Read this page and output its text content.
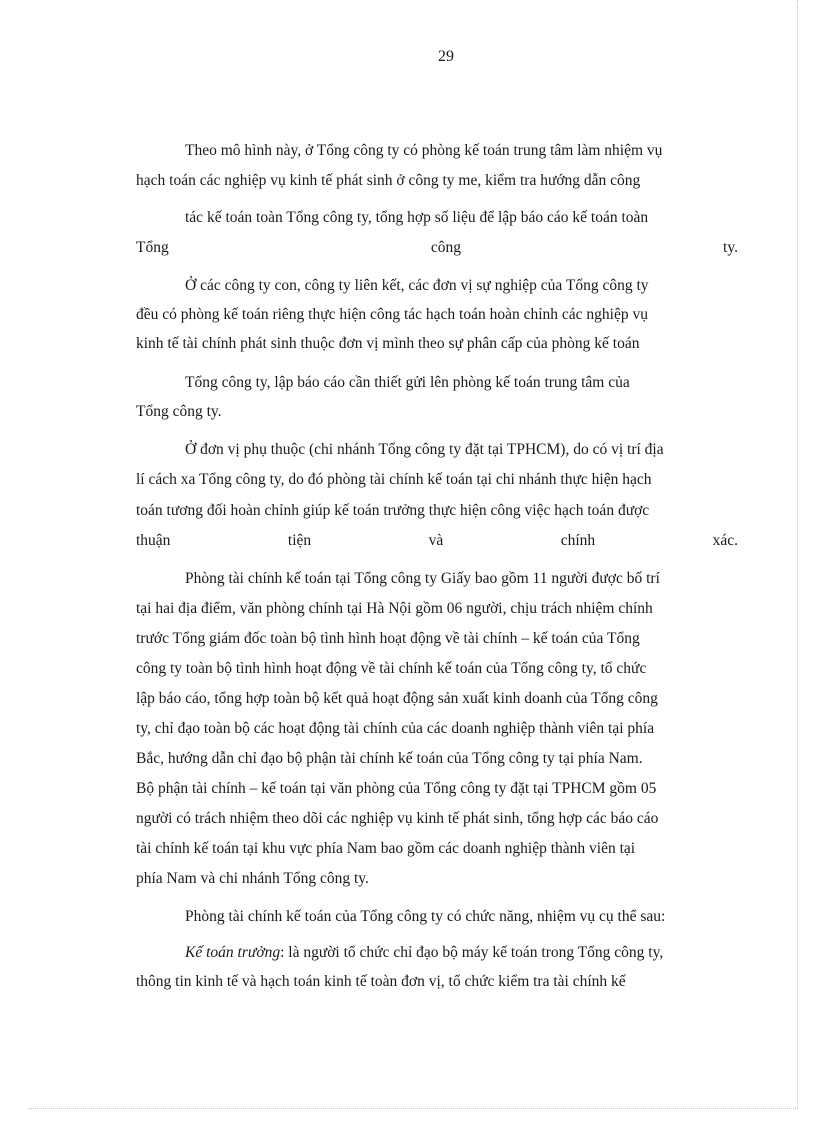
29
Theo mô hình này, ở Tổng công ty có phòng kế toán trung tâm làm nhiệm vụ
hạch toán các nghiệp vụ kinh tế phát sinh ở công ty me, kiểm tra hướng dẫn công
tác kế toán toàn Tổng công ty, tổng hợp số liệu để lập báo cáo kế toán toàn
Tổng	công	ty.
Ở các công ty con, công ty liên kết, các đơn vị sự nghiệp của Tổng công ty
đều có phòng kế toán riêng thực hiện công tác hạch toán hoàn chỉnh các nghiệp vụ
kinh tế tài chính phát sinh thuộc đơn vị mình theo sự phân cấp của phòng kế toán
Tổng công ty, lập báo cáo cần thiết gửi lên phòng kế toán trung tâm của
Tổng công ty.
Ở đơn vị phụ thuộc (chi nhánh Tổng công ty đặt tại TPHCM), do có vị trí địa
lí cách xa Tổng công ty, do đó phòng tài chính kế toán tại chi nhánh thực hiện hạch
toán tương đối hoàn chỉnh giúp kế toán trưởng thực hiện công việc hạch toán được
thuận	tiện	và	chính	xác.
Phòng tài chính kế toán tại Tổng công ty Giấy bao gồm 11 người được bố trí
tại hai địa điểm, văn phòng chính tại Hà Nội gồm 06 người, chịu trách nhiệm chính
trước Tổng giám đốc toàn bộ tình hình hoạt động về tài chính – kế toán của Tổng
công ty toàn bộ tình hình hoạt động về tài chính kế toán của Tổng công ty, tổ chức
lập báo cáo, tổng hợp toàn bộ kết quả hoạt động sản xuất kinh doanh của Tổng công
ty, chỉ đạo toàn bộ các hoạt động tài chính của các doanh nghiệp thành viên tại phía
Bắc, hướng dẫn chỉ đạo bộ phận tài chính kế toán của Tổng công ty tại phía Nam.
Bộ phận tài chính – kế toán tại văn phòng của Tổng công ty đặt tại TPHCM gồm 05
người có trách nhiệm theo dõi các nghiệp vụ kinh tế phát sinh, tổng hợp các báo cáo
tài chính kế toán tại khu vực phía Nam bao gồm các doanh nghiệp thành viên tại
phía Nam và chi nhánh Tổng công ty.
Phòng tài chính kế toán của Tổng công ty có chức năng, nhiệm vụ cụ thể sau:
Kế toán trưởng: là người tổ chức chỉ đạo bộ máy kế toán trong Tổng công ty,
thông tin kinh tế và hạch toán kinh tế toàn đơn vị, tổ chức kiểm tra tài chính kế
